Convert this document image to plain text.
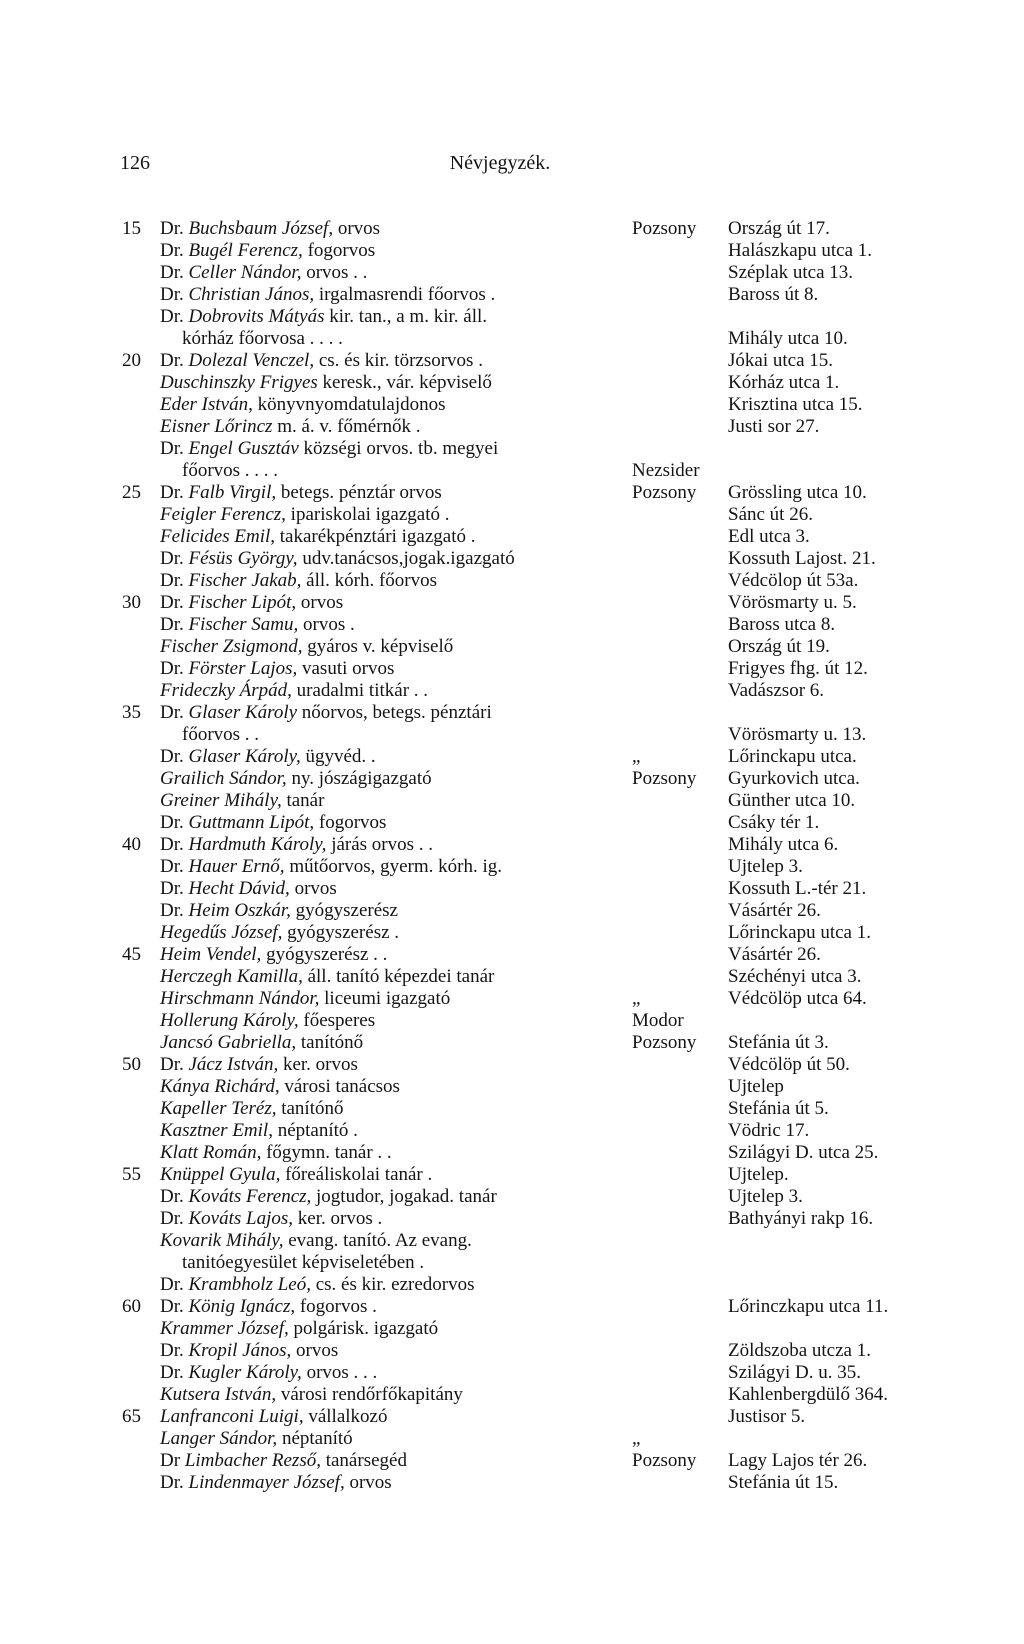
126	Névjegyzék.
15	Dr. Buchsbaum József, orvos	Pozsony Ország út 17.
Dr. Bugél Ferencz, fogorvos	Halászkapu utca 1.
Dr. Celler Nándor, orvos . .	Széplak utca 13.
Dr. Christian János, irgalmasrendi főorvos .	Baross út 8.
Dr. Dobrovits Mátyás kir. tan., a m. kir. áll.
kórház főorvosa . . . .	Mihály utca 10.
20	Dr. Dolezal Venczel, cs. és kir. törzsorvos .	Jókai utca 15.
Duschinszky Frigyes keresk., vár. képviselő	Kórház utca 1.
Eder István, könyvnyomdatulajdonos	Krisztina utca 15.
Eisner Lőrincz m. á. v. főmérnők .	Justi sor 27.
Dr. Engel Gusztáv községi orvos. tb. megyei
főorvos . . . .	Nezsider
25	Dr. Falb Virgil, betegs. pénztár orvos	Pozsony Grössling utca 10.
Feigler Ferencz, ipariskolai igazgató .	Sánc út 26.
Felicides Emil, takarékpénztári igazgató .	Edl utca 3.
Dr. Fésüs György, udv.tanácsos,jogak.igazgató	Kossuth Lajost. 21.
Dr. Fischer Jakab, áll. kórh. főorvos	Védcölop út 53a.
30	Dr. Fischer Lipót, orvos	Vörösmarty u. 5.
Dr. Fischer Samu, orvos .	Baross utca 8.
Fischer Zsigmond, gyáros v. képviselő	Ország út 19.
Dr. Förster Lajos, vasuti orvos	Frigyes fhg. út 12.
Frideczky Árpád, uradalmi titkár . .	Vadászsor 6.
35	Dr. Glaser Károly nőorvos, betegs. pénztári
főorvos . .	Vörösmarty u. 13.
Dr. Glaser Károly, ügyvéd. .	„	Lőrinckapu utca.
Grailich Sándor, ny. jószágigazgató	Pozsony Gyurkovich utca.
Greiner Mihály, tanár	Günther utca 10.
Dr. Guttmann Lipót, fogorvos	Csáky tér 1.
40	Dr. Hardmuth Károly, járás orvos . .	Mihály utca 6.
Dr. Hauer Ernő, műtőorvos, gyerm. kórh. ig.	Ujtelep 3.
Dr. Hecht Dávid, orvos	Kossuth L.-tér 21.
Dr. Heim Oszkár, gyógyszerész	Vásártér 26.
Hegedűs József, gyógyszerész .	Lőrinckapu utca 1.
45	Heim Vendel, gyógyszerész . .	Vásártér 26.
Herczegh Kamilla, áll. tanító képezdei tanár	Széchényi utca 3.
Hirschmann Nándor, liceumi igazgató	„	Védcölöp utca 64.
Hollerung Károly, főesperes	Modor
Jancsó Gabriella, tanítónő	Pozsony Stefánia út 3.
50	Dr. Jácz István, ker. orvos	Védcölöp út 50.
Kánya Richárd, városi tanácsos	Ujtelep
Kapeller Teréz, tanítónő	Stefánia út 5.
Kasztner Emil, néptanító .	Vödric 17.
Klatt Román, főgymn. tanár . .	Szilágyi D. utca 25.
55	Knüppel Gyula, főreáliskolai tanár .	Ujtelep.
Dr. Kováts Ferencz, jogtudor, jogakad. tanár	Ujtelep 3.
Dr. Kováts Lajos, ker. orvos .	Bathyányi rakp 16.
Kovarik Mihály, evang. tanító. Az evang.
tanitóegyesület képviseletében .
Dr. Krambholz Leó, cs. és kir. ezredorvos
60	Dr. König Ignácz, fogorvos .	Lőrinczkapu utca 11.
Krammer József, polgárisk. igazgató
Dr. Kropil János, orvos	Zöldszoba utcza 1.
Dr. Kugler Károly, orvos . . .	Szilágyi D. u. 35.
Kutsera István, városi rendőrfőkapitány	Kahlenbergdülő 364.
65	Lanfranconi Luigi, vállalkozó	Justisor 5.
Langer Sándor, néptanító	„
Dr Limbacher Rezső, tanársegéd	Pozsony Lagy Lajos tér 26.
Dr. Lindenmayer József, orvos	Stefánia út 15.
